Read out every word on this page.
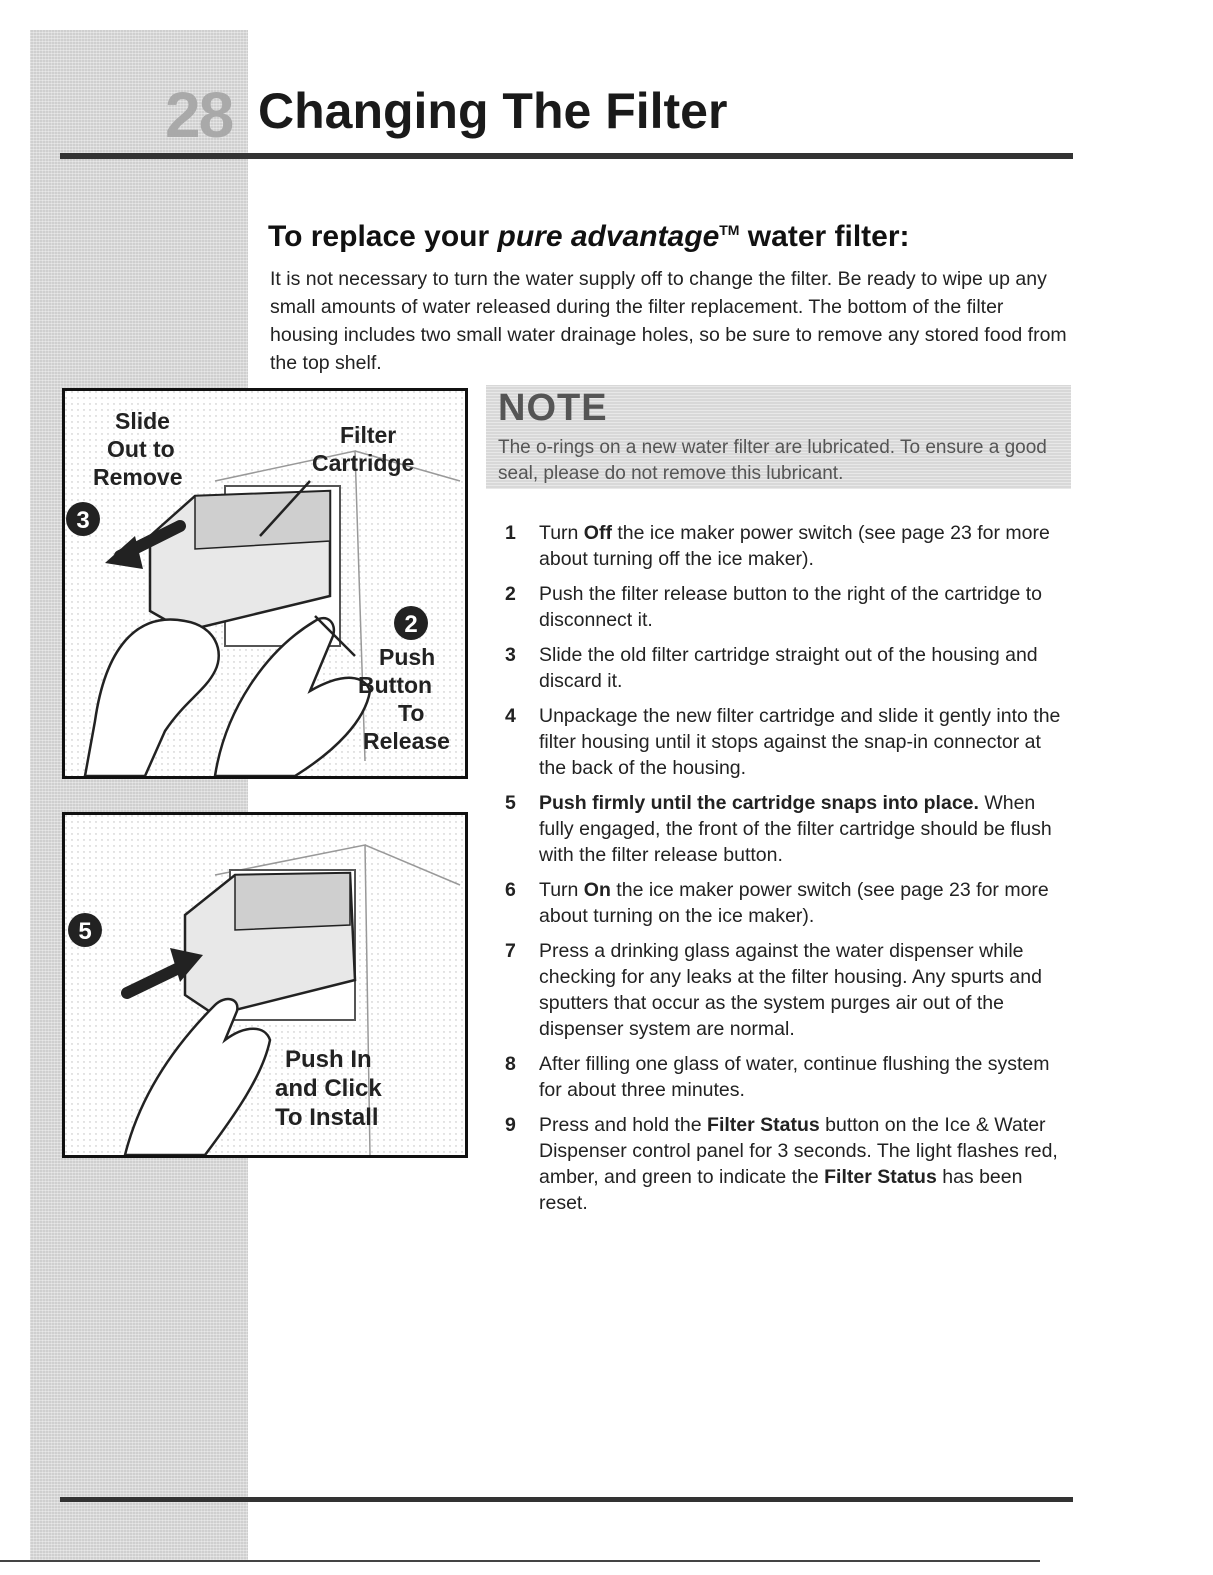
28 Changing The Filter
To replace your pure advantage™ water filter:
It is not necessary to turn the water supply off to change the filter. Be ready to wipe up any small amounts of water released during the filter replacement. The bottom of the filter housing includes two small water drainage holes, so be sure to remove any stored food from the top shelf.
3
2
Slide
Out to
Remove
Filter
Cartridge
Push
Button
To
Release
5
Push In
and Click
To Install
NOTE
The o-rings on a new water filter are lubricated. To ensure a good seal, please do not remove this lubricant.
1 Turn Off the ice maker power switch (see page 23 for more about turning off the ice maker).
2 Push the filter release button to the right of the cartridge to disconnect it.
3 Slide the old filter cartridge straight out of the housing and discard it.
4 Unpackage the new filter cartridge and slide it gently into the filter housing until it stops against the snap-in connector at the back of the housing.
5 Push firmly until the cartridge snaps into place. When fully engaged, the front of the filter cartridge should be flush with the filter release button.
6 Turn On the ice maker power switch (see page 23 for more about turning on the ice maker).
7 Press a drinking glass against the water dispenser while checking for any leaks at the filter housing. Any spurts and sputters that occur as the system purges air out of the dispenser system are normal.
8 After filling one glass of water, continue flushing the system for about three minutes.
9 Press and hold the Filter Status button on the Ice & Water Dispenser control panel for 3 seconds. The light flashes red, amber, and green to indicate the Filter Status has been reset.
